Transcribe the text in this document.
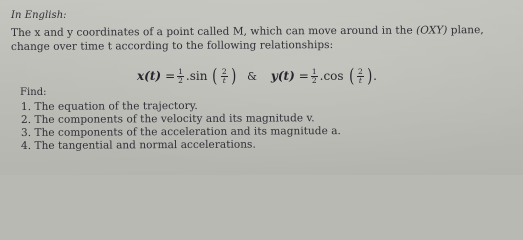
In English:
The x and y coordinates of a point called M, which can move around in the (OXY) plane,
change over time t according to the following relationships:
$x(t) = \frac{1}{2}$ . sin ( $\frac{2}{t}$ ) & $y(t) = \frac{1}{2}$ . cos ( $\frac{2}{t}$ ) .
Find:
1. The equation of the trajectory.
2. The components of the velocity and its magnitude v.
3. The components of the acceleration and its magnitude a.
4. The tangential and normal accelerations.
